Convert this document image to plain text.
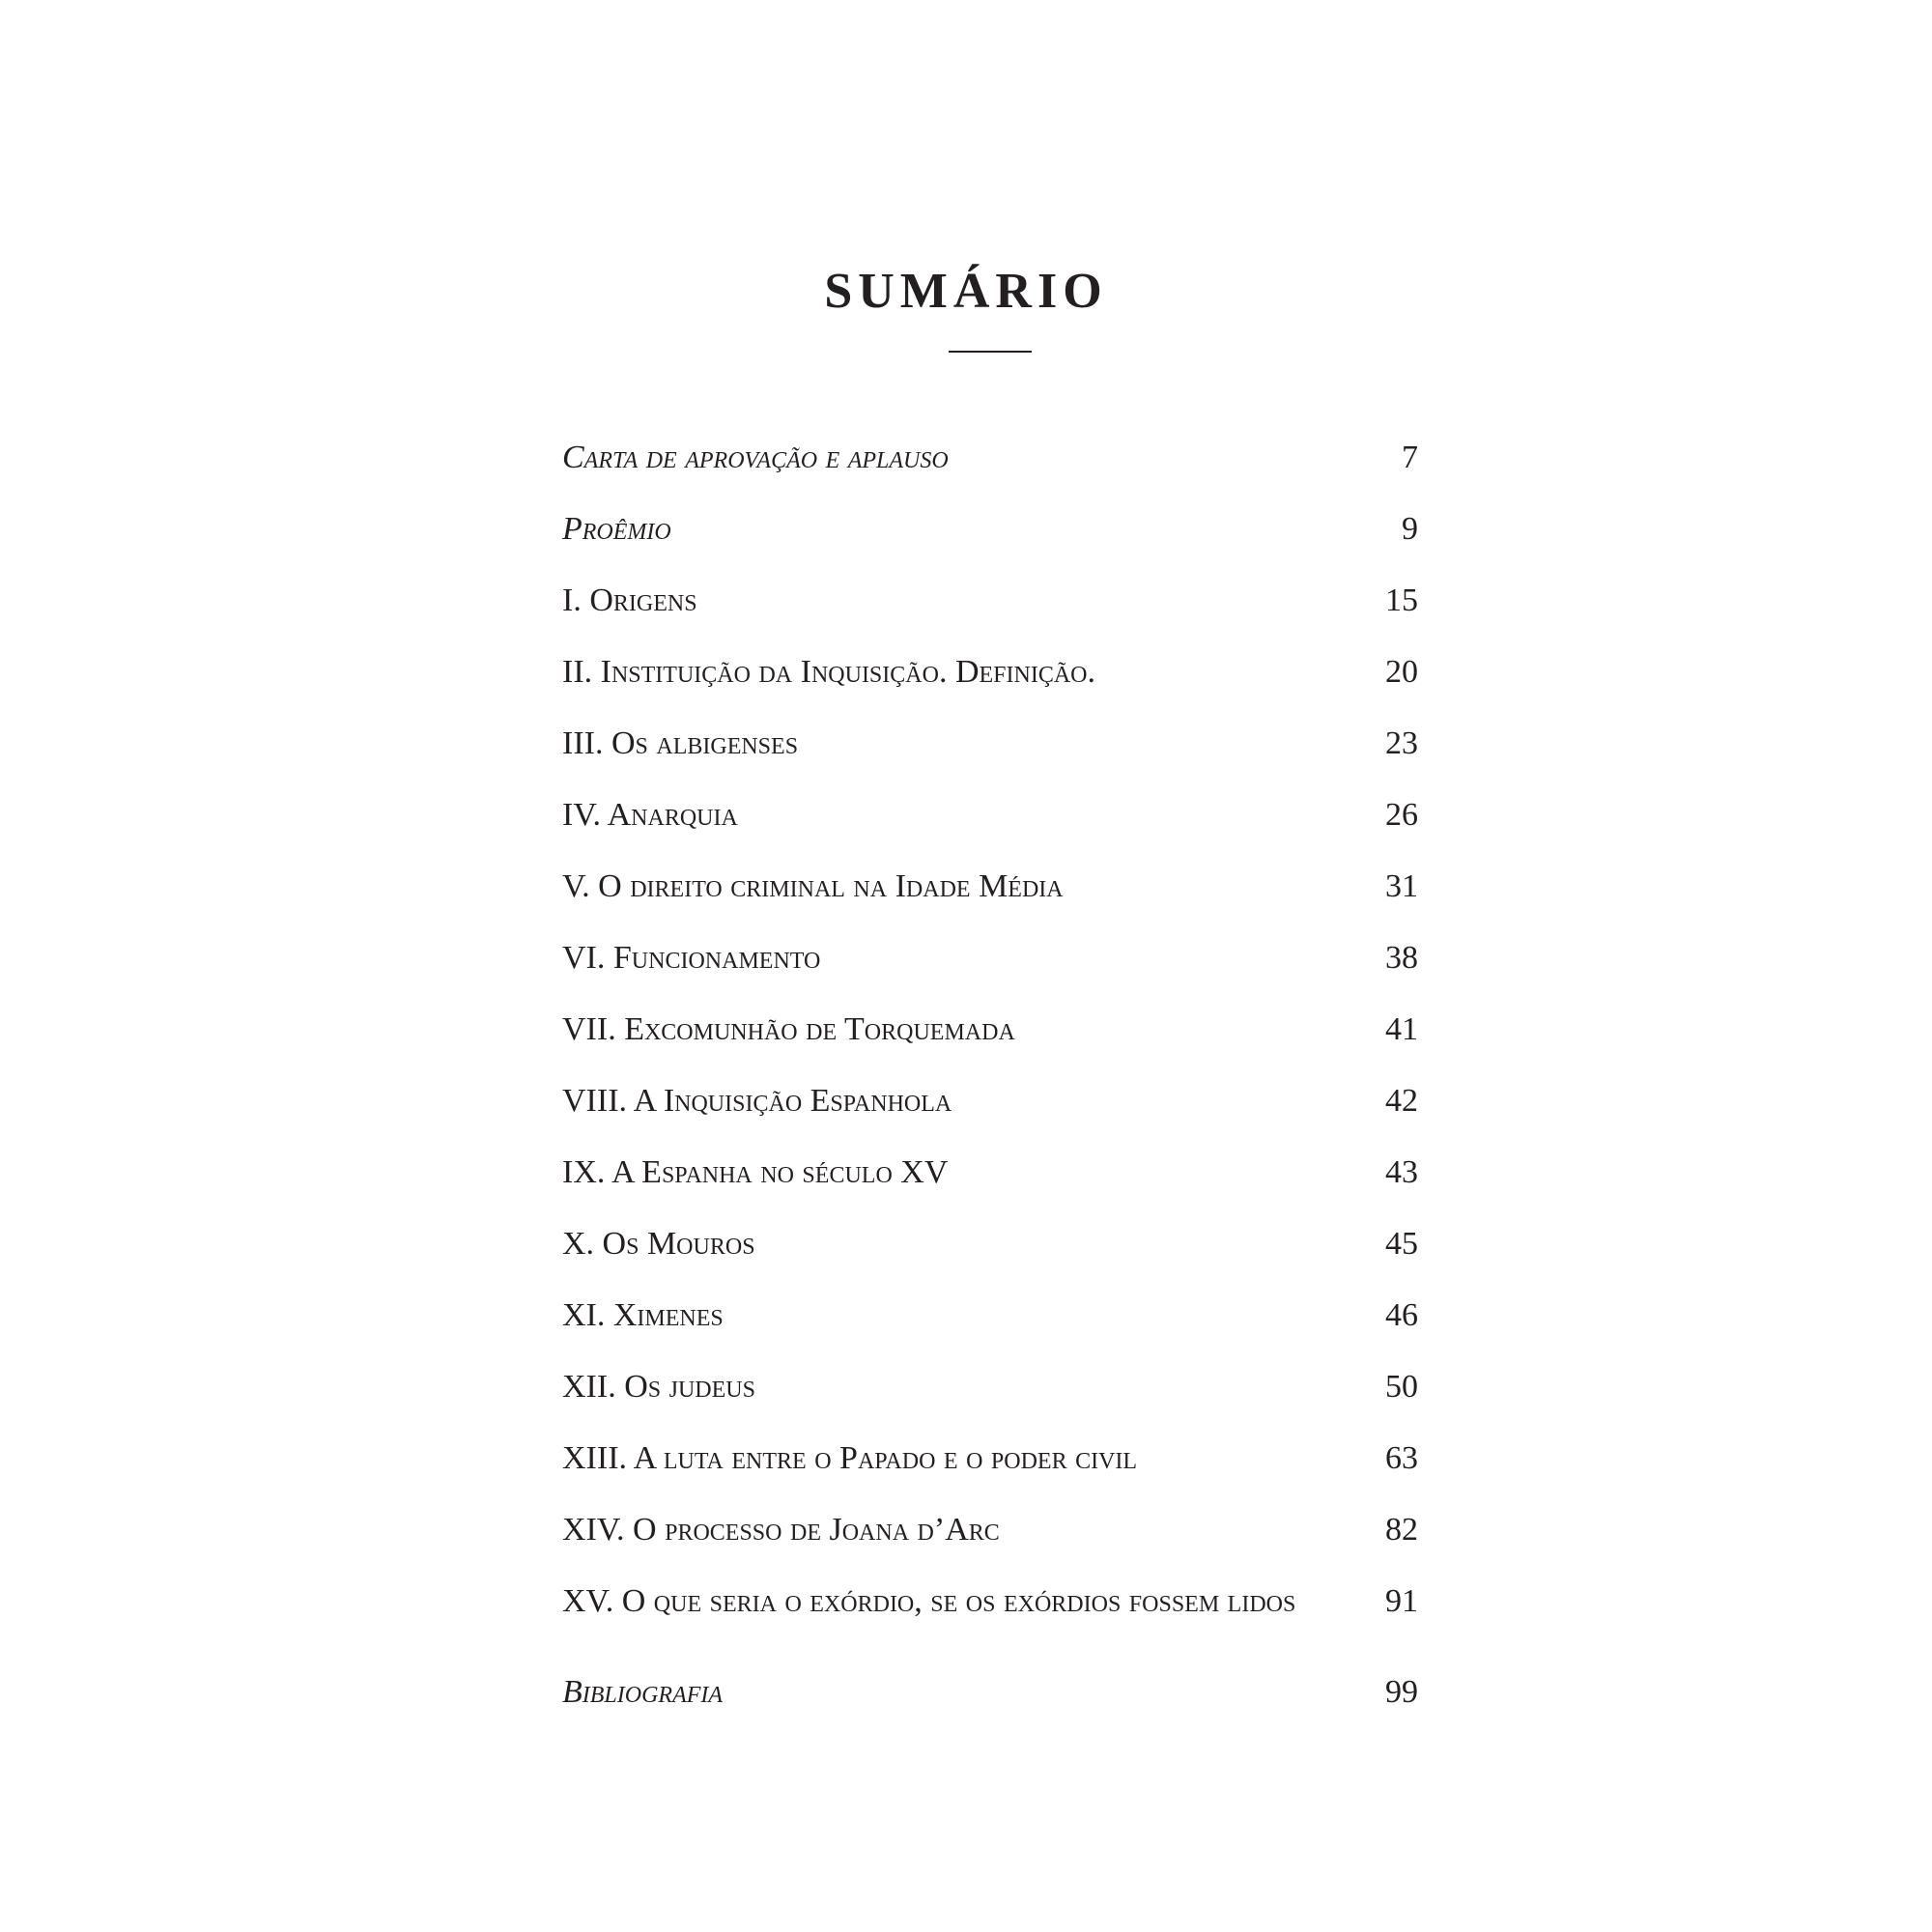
SUMÁRIO
Carta de aprovação e aplauso	7
Proêmio	9
I. Origens	15
II. Instituição da Inquisição. Definição.	20
III. Os albigenses	23
IV. Anarquia	26
V. O direito criminal na Idade Média	31
VI. Funcionamento	38
VII. Excomunhão de Torquemada	41
VIII. A Inquisição Espanhola	42
IX. A Espanha no século XV	43
X. Os Mouros	45
XI. Ximenes	46
XII. Os judeus	50
XIII. A luta entre o Papado e o poder civil	63
XIV. O processo de Joana d’Arc	82
XV. O que seria o exórdio, se os exórdios fossem lidos	91
Bibliografia	99
